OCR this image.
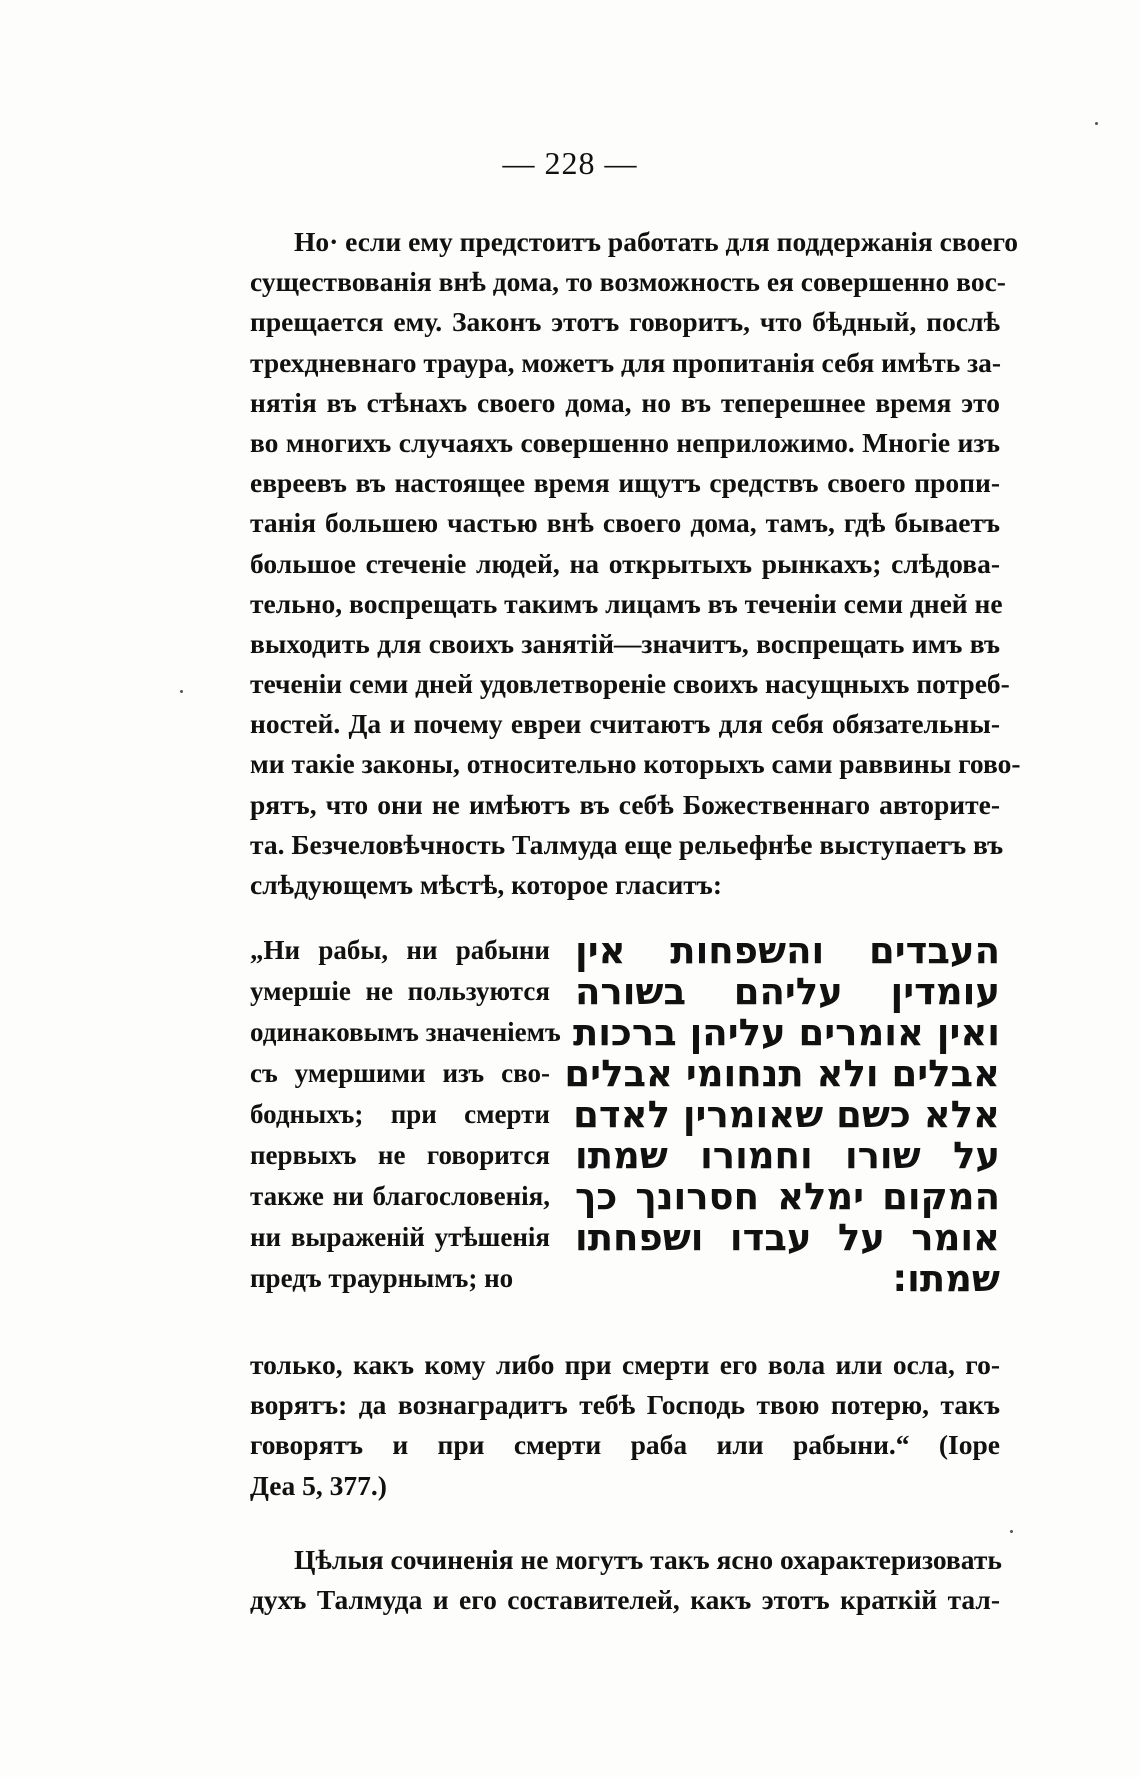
— 228 —
Но· если ему предстоитъ работать для поддержанія своего
существованія внѣ дома, то возможность ея совершенно вос-
прещается ему. Законъ этотъ говоритъ, что бѣдный, послѣ
трехдневнаго траура, можетъ для пропитанія себя имѣть за-
нятія въ стѣнахъ своего дома, но въ теперешнее время это
во многихъ случаяхъ совершенно неприложимо. Многіе изъ
евреевъ въ настоящее время ищутъ средствъ своего пропи-
танія большею частью внѣ своего дома, тамъ, гдѣ бываетъ
большое стеченіе людей, на открытыхъ рынкахъ; слѣдова-
тельно, воспрещать такимъ лицамъ въ теченіи семи дней не
выходить для своихъ занятій—значитъ, воспрещать имъ въ
теченіи семи дней удовлетвореніе своихъ насущныхъ потреб-
ностей. Да и почему евреи считаютъ для себя обязательны-
ми такіе законы, относительно которыхъ сами раввины гово-
рятъ, что они не имѣютъ въ себѣ Божественнаго авторите-
та. Безчеловѣчность Талмуда еще рельефнѣе выступаетъ въ
слѣдующемъ мѣстѣ, которое гласитъ:
„Ни рабы, ни рабыни
умершіе не пользуются
одинаковымъ значеніемъ
съ умершими изъ сво-
бодныхъ; при смерти
первыхъ не говорится
также ни благословенія,
ни выраженій утѣшенія
предъ траурнымъ; но
העבדים והשפחות אין
עומדין עליהם בשורה
ואין אומרים עליהן ברכות
אבלים ולא תנחומי אבלים
אלא כשם שאומרין לאדם
על שורו וחמורו שמתו
המקום ימלא חסרונך כך
אומר על עבדו ושפחתו
שמתו:
только, какъ кому либо при смерти его вола или осла, го-
ворятъ: да вознаградитъ тебѣ Господь твою потерю, такъ
говорятъ и при смерти раба или рабыни.“ (Іоре
Деа 5, 377.)
Цѣлыя сочиненія не могутъ такъ ясно охарактеризовать
духъ Талмуда и его составителей, какъ этотъ краткій тал-
